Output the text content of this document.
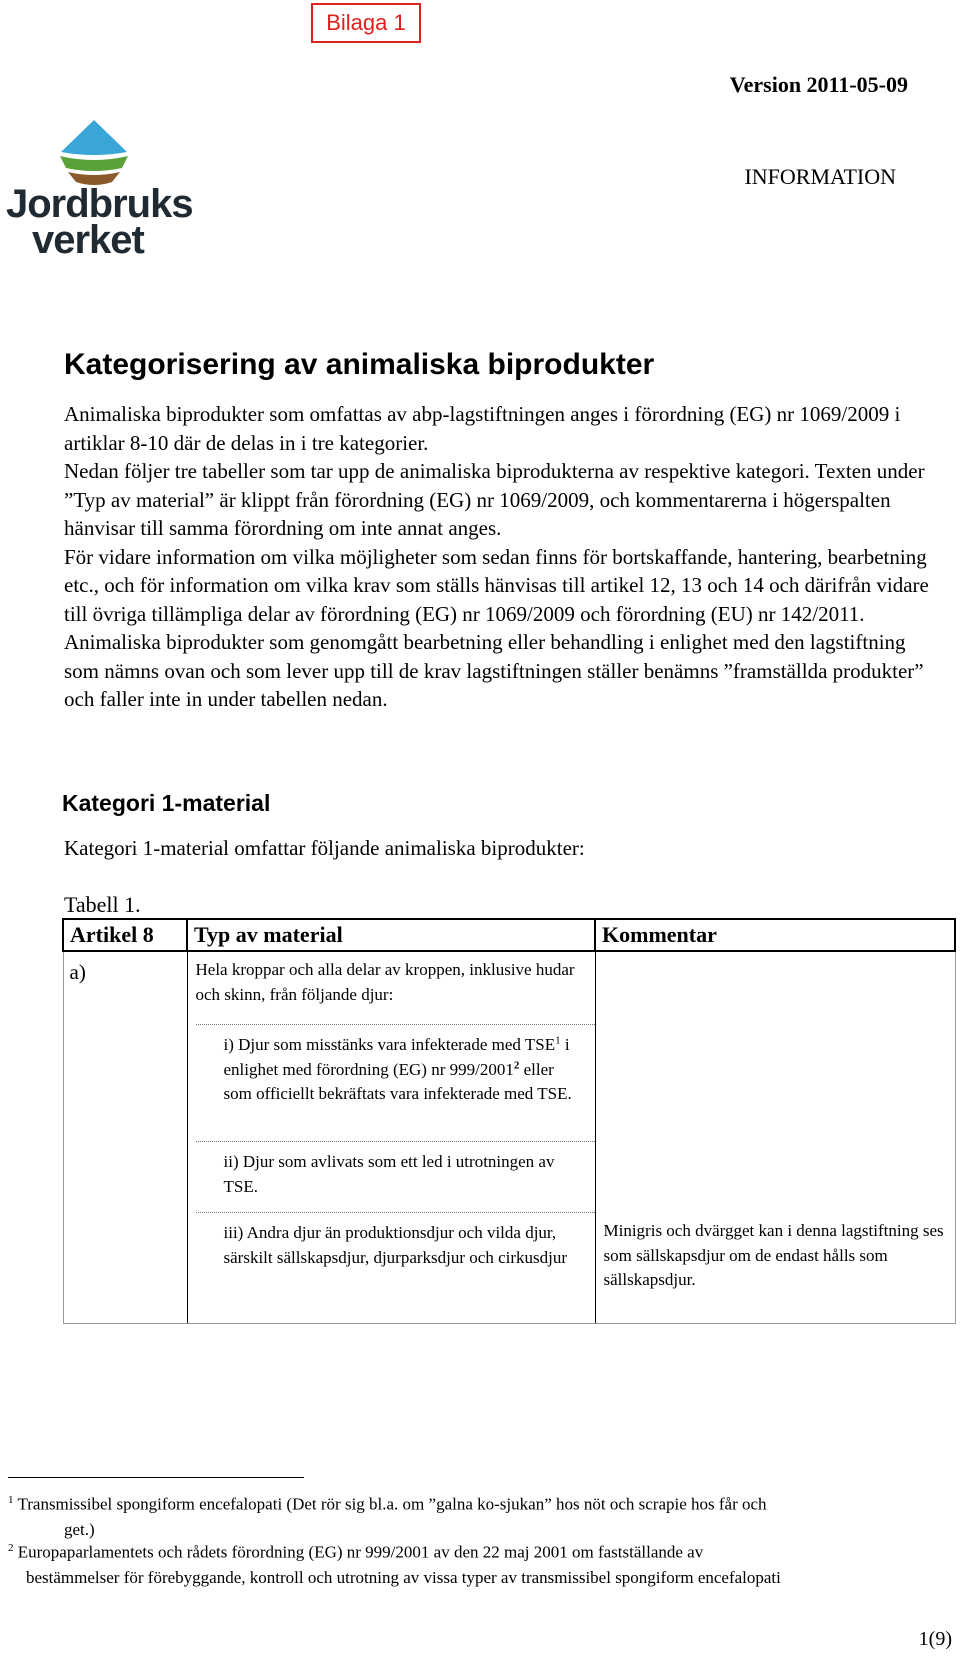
Bilaga 1
Version 2011-05-09
INFORMATION
Jordbruks
verket
Kategorisering av animaliska biprodukter

Animaliska biprodukter som omfattas av abp-lagstiftningen anges i förordning (EG) nr 1069/2009 i artiklar 8-10 där de delas in i tre kategorier.

Nedan följer tre tabeller som tar upp de animaliska biprodukterna av respektive kategori. Texten under ”Typ av material” är klippt från förordning (EG) nr 1069/2009, och kommentarerna i högerspalten hänvisar till samma förordning om inte annat anges.

För vidare information om vilka möjligheter som sedan finns för bortskaffande, hantering, bearbetning etc., och för information om vilka krav som ställs hänvisas till artikel 12, 13 och 14 och därifrån vidare till övriga tillämpliga delar av förordning (EG) nr 1069/2009 och förordning (EU) nr 142/2011.

Animaliska biprodukter som genomgått bearbetning eller behandling i enlighet med den lagstiftning som nämns ovan och som lever upp till de krav lagstiftningen ställer benämns ”framställda produkter” och faller inte in under tabellen nedan.

Kategori 1-material
Kategori 1-material omfattar följande animaliska biprodukter:
Tabell 1.
Artikel 8	Typ av material	Kommentar
a)	Hela kroppar och alla delar av kroppen, inklusive hudar och skinn, från följande djur:
i) Djur som misstänks vara infekterade med TSE$^1$ i enlighet med förordning (EG) nr 999/2001$^2$ eller som officiellt bekräftats vara infekterade med TSE.
ii) Djur som avlivats som ett led i utrotningen av TSE.
iii) Andra djur än produktionsdjur och vilda djur, särskilt sällskapsdjur, djurparksdjur och cirkusdjur	Minigris och dvärgget kan i denna lagstiftning ses som sällskapsdjur om de endast hålls som sällskapsdjur.
$^1$ Transmissibel spongiform encefalopati (Det rör sig bl.a. om ”galna ko-sjukan” hos nöt och scrapie hos får och
get.)
$^2$ Europaparlamentets och rådets förordning (EG) nr 999/2001 av den 22 maj 2001 om fastställande av
bestämmelser för förebyggande, kontroll och utrotning av vissa typer av transmissibel spongiform encefalopati
1(9)
